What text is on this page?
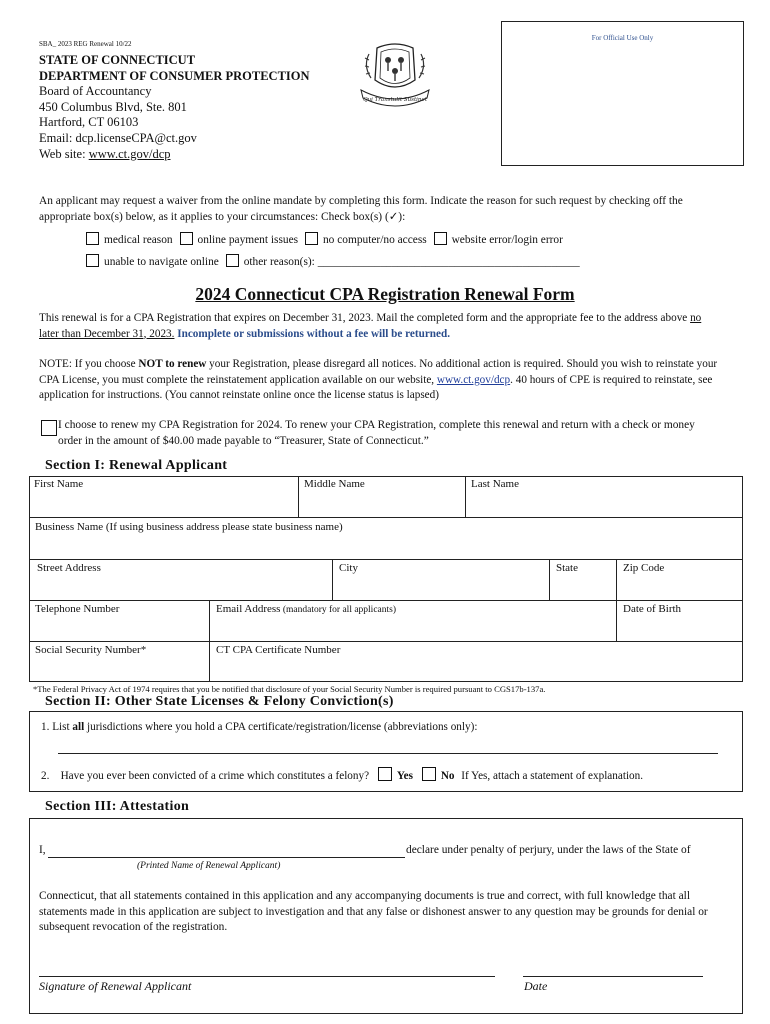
SBA_ 2023 REG Renewal 10/22
STATE OF CONNECTICUT
DEPARTMENT OF CONSUMER PROTECTION
Board of Accountancy
450 Columbus Blvd, Ste. 801
Hartford, CT 06103
Email: dcp.licenseCPA@ct.gov
Web site: www.ct.gov/dcp
Qui Transtulit Sustinet
For Official Use Only
An applicant may request a waiver from the online mandate by completing this form. Indicate the reason for such request by checking off the appropriate box(s) below, as it applies to your circumstances: Check box(s) (✓):
medical reason online payment issues no computer/no access website error/login error
unable to navigate online other reason(s): ______________________________________________
2024 Connecticut CPA Registration Renewal Form
This renewal is for a CPA Registration that expires on December 31, 2023. Mail the completed form and the appropriate fee to the address above no later than December 31, 2023. Incomplete or submissions without a fee will be returned.
NOTE: If you choose NOT to renew your Registration, please disregard all notices. No additional action is required. Should you wish to reinstate your CPA License, you must complete the reinstatement application available on our website, www.ct.gov/dcp. 40 hours of CPE is required to reinstate, see application for instructions. (You cannot reinstate online once the license status is lapsed)
I choose to renew my CPA Registration for 2024. To renew your CPA Registration, complete this renewal and return with a check or money order in the amount of $40.00 made payable to “Treasurer, State of Connecticut.”
Section I: Renewal Applicant
First Name	Middle Name	Last Name
Business Name (If using business address please state business name)
Street Address	City	State	Zip Code
Telephone Number	Email Address (mandatory for all applicants)	Date of Birth
Social Security Number*	CT CPA Certificate Number
*The Federal Privacy Act of 1974 requires that you be notified that disclosure of your Social Security Number is required pursuant to CGS17b-137a.
Section II: Other State Licenses & Felony Conviction(s)
1. List all jurisdictions where you hold a CPA certificate/registration/license (abbreviations only):
2. Have you ever been convicted of a crime which constitutes a felony? Yes No If Yes, attach a statement of explanation.
Section III: Attestation
I,	declare under penalty of perjury, under the laws of the State of
(Printed Name of Renewal Applicant)
Connecticut, that all statements contained in this application and any accompanying documents is true and correct, with full knowledge that all statements made in this application are subject to investigation and that any false or dishonest answer to any question may be grounds for denial or subsequent revocation of the registration.
Signature of Renewal Applicant	Date
